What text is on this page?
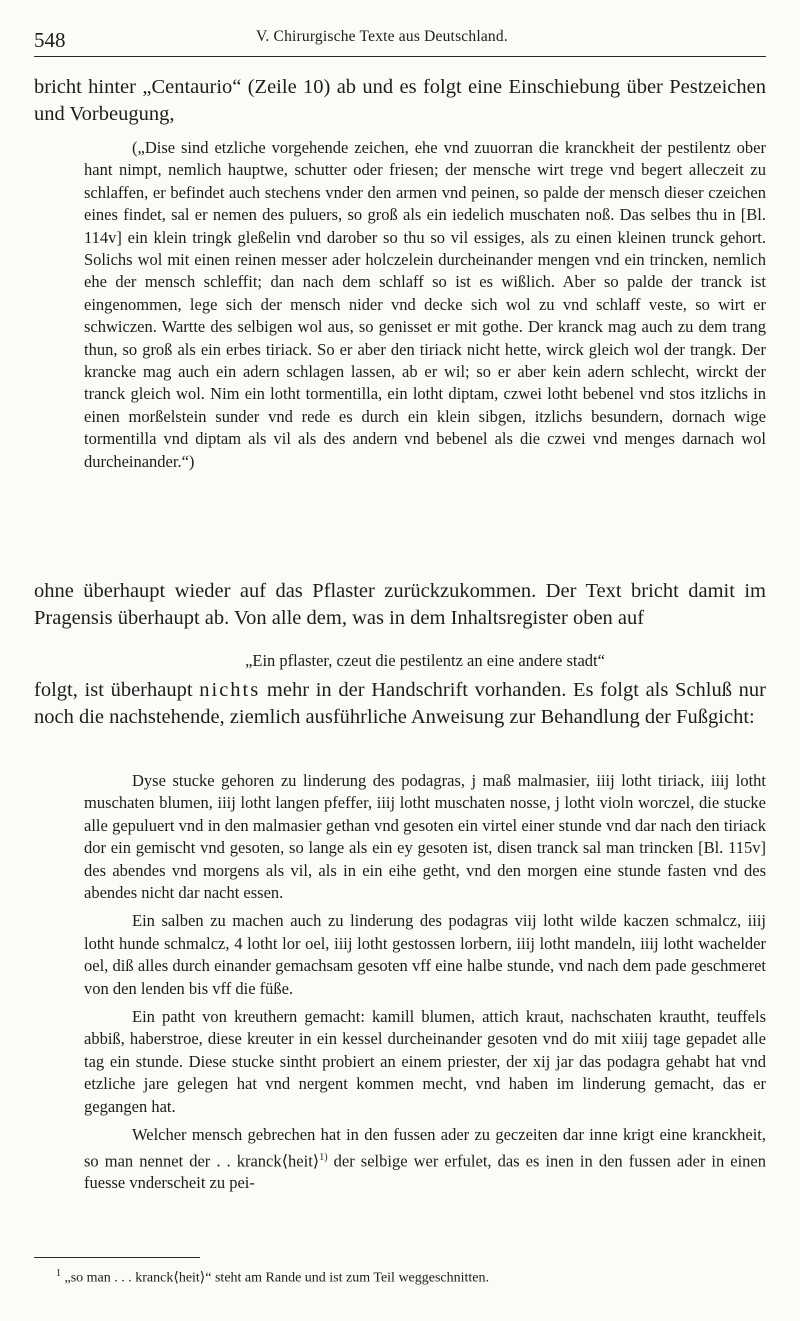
548	V. Chirurgische Texte aus Deutschland.
bricht hinter „Centaurio“ (Zeile 10) ab und es folgt eine Einschiebung über Pestzeichen und Vorbeugung,
(„Dise sind etzliche vorgehende zeichen, ehe vnd zuuorran die kranckheit der pestilentz ober hant nimpt, nemlich hauptwe, schutter oder friesen; der mensche wirt trege vnd begert alleczeit zu schlaffen, er befindet auch stechens vnder den armen vnd peinen, so palde der mensch dieser czeichen eines findet, sal er nemen des puluers, so groß als ein iedelich muschaten noß. Das selbes thu in [Bl. 114v] ein klein tringk gleßelin vnd darober so thu so vil essiges, als zu einen kleinen trunck gehort. Solichs wol mit einen reinen messer ader holczelein durcheinander mengen vnd ein trincken, nemlich ehe der mensch schleffit; dan nach dem schlaff so ist es wißlich. Aber so palde der tranck ist eingenommen, lege sich der mensch nider vnd decke sich wol zu vnd schlaff veste, so wirt er schwiczen. Wartte des selbigen wol aus, so genisset er mit gothe. Der kranck mag auch zu dem trang thun, so groß als ein erbes tiriack. So er aber den tiriack nicht hette, wirck gleich wol der trangk. Der krancke mag auch ein adern schlagen lassen, ab er wil; so er aber kein adern schlecht, wirckt der tranck gleich wol. Nim ein lotht tormentilla, ein lotht diptam, czwei lotht bebenel vnd stos itzlichs in einen morßelstein sunder vnd rede es durch ein klein sibgen, itzlichs besundern, dornach wige tormentilla vnd diptam als vil als des andern vnd bebenel als die czwei vnd menges darnach wol durcheinander.“)
ohne überhaupt wieder auf das Pflaster zurückzukommen. Der Text bricht damit im Pragensis überhaupt ab. Von alle dem, was in dem Inhaltsregister oben auf
„Ein pflaster, czeut die pestilentz an eine andere stadt“
folgt, ist überhaupt nichts mehr in der Handschrift vorhanden. Es folgt als Schluß nur noch die nachstehende, ziemlich ausführliche Anweisung zur Behandlung der Fußgicht:
Dyse stucke gehoren zu linderung des podagras, j maß malmasier, iiij lotht tiriack, iiij lotht muschaten blumen, iiij lotht langen pfeffer, iiij lotht muschaten nosse, j lotht violn worczel, die stucke alle gepuluert vnd in den malmasier gethan vnd gesoten ein virtel einer stunde vnd dar nach den tiriack dor ein gemischt vnd gesoten, so lange als ein ey gesoten ist, disen tranck sal man trincken [Bl. 115v] des abendes vnd morgens als vil, als in ein eihe getht, vnd den morgen eine stunde fasten vnd des abendes nicht dar nacht essen.
Ein salben zu machen auch zu linderung des podagras viij lotht wilde kaczen schmalcz, iiij lotht hunde schmalcz, 4 lotht lor oel, iiij lotht gestossen lorbern, iiij lotht mandeln, iiij lotht wachelder oel, diß alles durch einander gemachsam gesoten vff eine halbe stunde, vnd nach dem pade geschmeret von den lenden bis vff die füße.
Ein patht von kreuthern gemacht: kamill blumen, attich kraut, nachschaten krautht, teuffels abbiß, haberstroe, diese kreuter in ein kessel durcheinander gesoten vnd do mit xiiij tage gepadet alle tag ein stunde. Diese stucke sintht probiert an einem priester, der xij jar das podagra gehabt hat vnd etzliche jare gelegen hat vnd nergent kommen mecht, vnd haben im linderung gemacht, das er gegangen hat.
Welcher mensch gebrechen hat in den fussen ader zu geczeiten dar inne krigt eine kranckheit, so man nennet der . . kranck⟨heit⟩$^{1)}$ der selbige wer erfulet, das es inen in den fussen ader in einen fuesse vnderscheit zu pei-
$^1$ „so man . . . kranck⟨heit⟩“ steht am Rande und ist zum Teil weggeschnitten.
